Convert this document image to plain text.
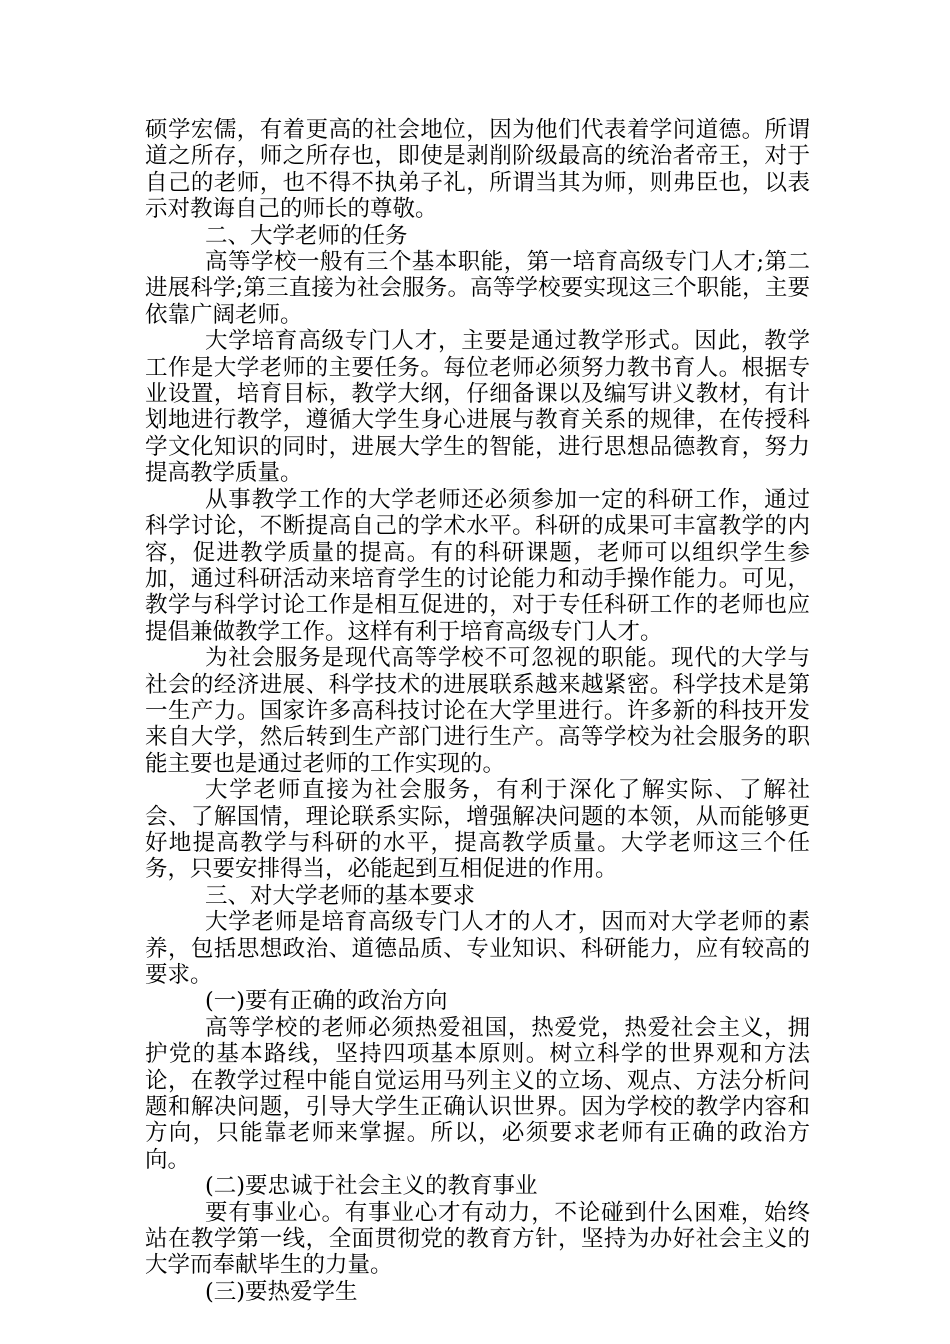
硕学宏儒，有着更高的社会地位，因为他们代表着学问道德。所谓道之所存，师之所存也，即使是剥削阶级最高的统治者帝王，对于自己的老师，也不得不执弟子礼，所谓当其为师，则弗臣也，以表示对教诲自己的师长的尊敬。

二、大学老师的任务

高等学校一般有三个基本职能，第一培育高级专门人才;第二进展科学;第三直接为社会服务。高等学校要实现这三个职能，主要依靠广阔老师。

大学培育高级专门人才，主要是通过教学形式。因此，教学工作是大学老师的主要任务。每位老师必须努力教书育人。根据专业设置，培育目标，教学大纲，仔细备课以及编写讲义教材，有计划地进行教学，遵循大学生身心进展与教育关系的规律，在传授科学文化知识的同时，进展大学生的智能，进行思想品德教育，努力提高教学质量。

从事教学工作的大学老师还必须参加一定的科研工作，通过科学讨论，不断提高自己的学术水平。科研的成果可丰富教学的内容，促进教学质量的提高。有的科研课题，老师可以组织学生参加，通过科研活动来培育学生的讨论能力和动手操作能力。可见，教学与科学讨论工作是相互促进的，对于专任科研工作的老师也应提倡兼做教学工作。这样有利于培育高级专门人才。

为社会服务是现代高等学校不可忽视的职能。现代的大学与社会的经济进展、科学技术的进展联系越来越紧密。科学技术是第一生产力。国家许多高科技讨论在大学里进行。许多新的科技开发来自大学，然后转到生产部门进行生产。高等学校为社会服务的职能主要也是通过老师的工作实现的。

大学老师直接为社会服务，有利于深化了解实际、了解社会、了解国情，理论联系实际，增强解决问题的本领，从而能够更好地提高教学与科研的水平，提高教学质量。大学老师这三个任务，只要安排得当，必能起到互相促进的作用。

三、对大学老师的基本要求

大学老师是培育高级专门人才的人才，因而对大学老师的素养，包括思想政治、道德品质、专业知识、科研能力，应有较高的要求。

(一)要有正确的政治方向

高等学校的老师必须热爱祖国，热爱党，热爱社会主义，拥护党的基本路线，坚持四项基本原则。树立科学的世界观和方法论，在教学过程中能自觉运用马列主义的立场、观点、方法分析问题和解决问题，引导大学生正确认识世界。因为学校的教学内容和方向，只能靠老师来掌握。所以，必须要求老师有正确的政治方向。

(二)要忠诚于社会主义的教育事业

要有事业心。有事业心才有动力，不论碰到什么困难，始终站在教学第一线，全面贯彻党的教育方针，坚持为办好社会主义的大学而奉献毕生的力量。

(三)要热爱学生
